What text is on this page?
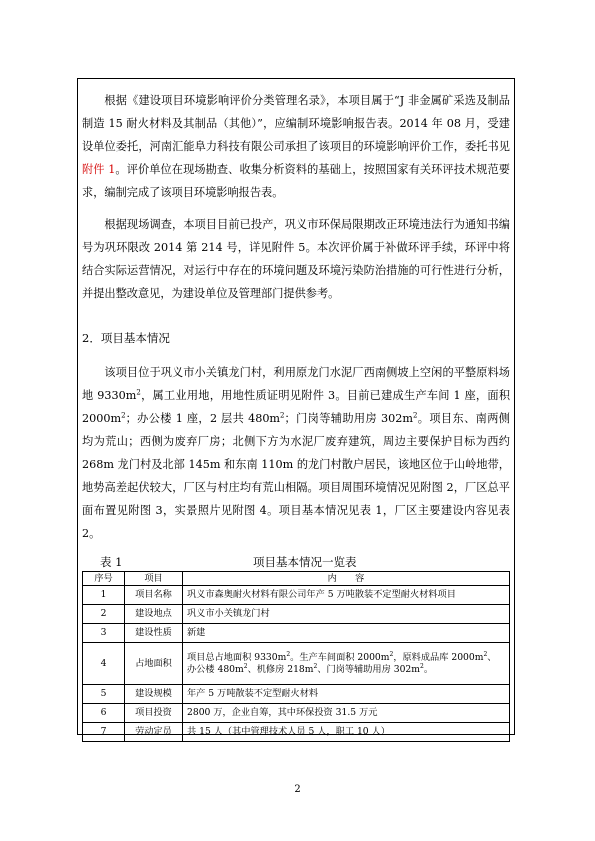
根据《建设项目环境影响评价分类管理名录》，本项目属于“J 非金属矿采选及制品制造 15 耐火材料及其制品（其他）”，应编制环境影响报告表。2014 年 08 月，受建设单位委托，河南汇能阜力科技有限公司承担了该项目的环境影响评价工作，委托书见附件 1。评价单位在现场勘查、收集分析资料的基础上，按照国家有关环评技术规范要求，编制完成了该项目环境影响报告表。

根据现场调查，本项目目前已投产，巩义市环保局限期改正环境违法行为通知书编号为巩环限改 2014 第 214 号，详见附件 5。本次评价属于补做环评手续，环评中将结合实际运营情况，对运行中存在的环境问题及环境污染防治措施的可行性进行分析，并提出整改意见，为建设单位及管理部门提供参考。

2．项目基本情况

该项目位于巩义市小关镇龙门村，利用原龙门水泥厂西南侧坡上空闲的平整原料场地 $9330m^2$，属工业用地，用地性质证明见附件 3。目前已建成生产车间 1 座，面积 $2000m^2$；办公楼 1 座，2 层共 $480m^2$；门岗等辅助用房 $302m^2$。项目东、南两侧均为荒山；西侧为废弃厂房；北侧下方为水泥厂废弃建筑，周边主要保护目标为西约 268m 龙门村及北部 145m 和东南 110m 的龙门村散户居民，该地区位于山岭地带，地势高差起伏较大，厂区与村庄均有荒山相隔。项目周围环境情况见附图 2，厂区总平面布置见附图 3，实景照片见附图 4。项目基本情况见表 1，厂区主要建设内容见表 2。

表 1	项目基本情况一览表
序号	项目	内　　容
1	项目名称	巩义市森奥耐火材料有限公司年产 5 万吨散装不定型耐火材料项目
2	建设地点	巩义市小关镇龙门村
3	建设性质	新建
4	占地面积	项目总占地面积 $9330m^2$。生产车间面积 $2000m^2$，原料成品库 $2000m^2$、办公楼 $480m^2$、机修房 $218m^2$、门岗等辅助用房 $302m^2$。
5	建设规模	年产 5 万吨散装不定型耐火材料
6	项目投资	2800 万，企业自筹，其中环保投资 31.5 万元
7	劳动定员	共 15 人（其中管理技术人员 5 人，职工 10 人）
2
